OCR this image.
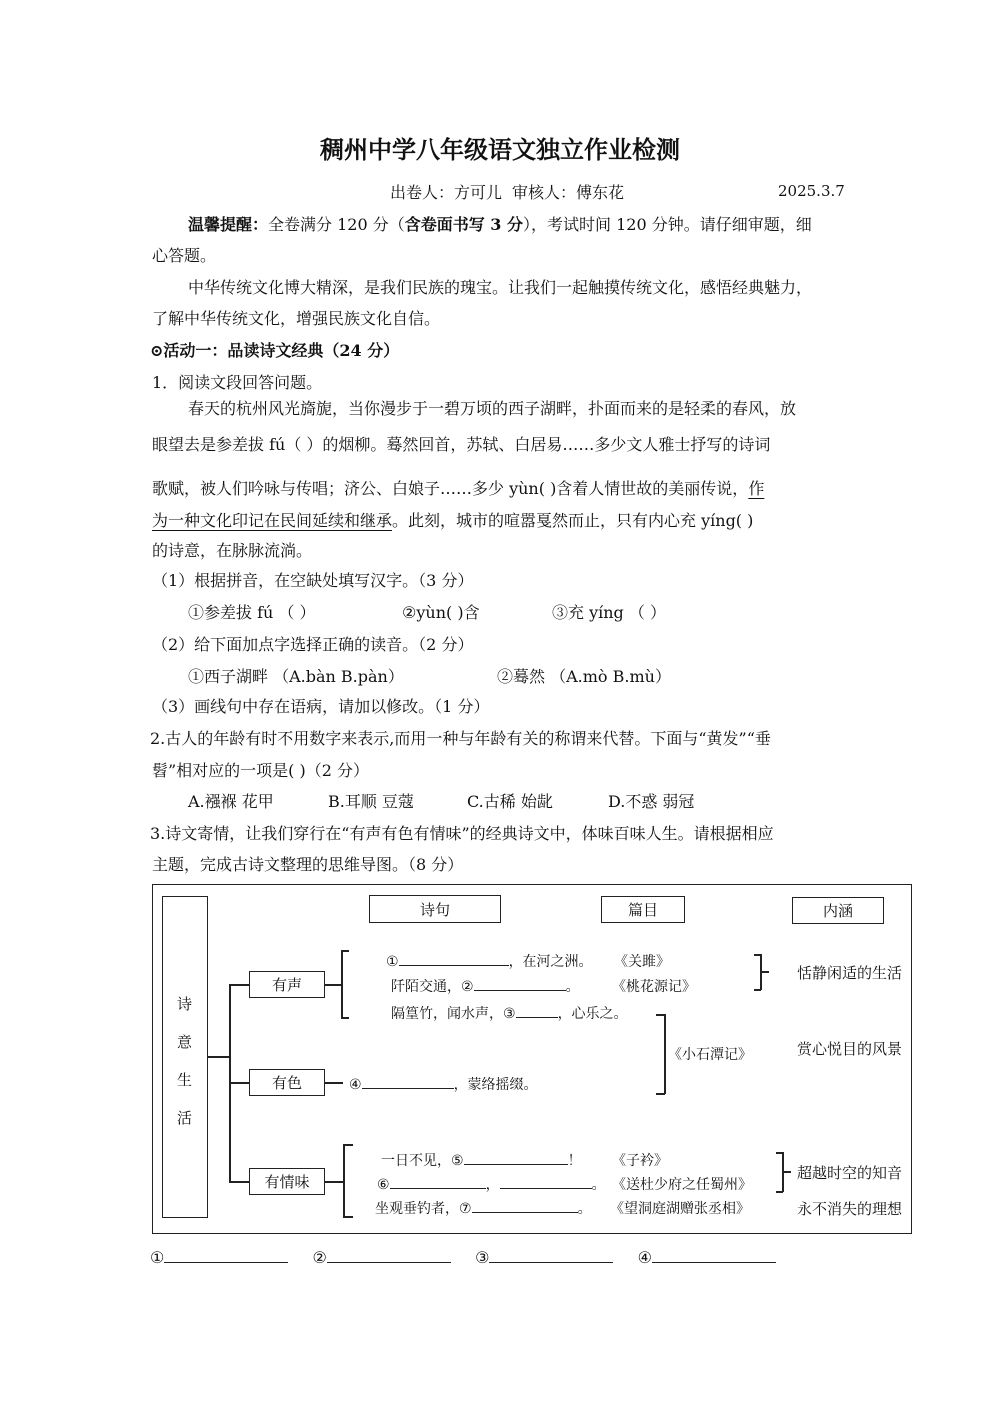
稠州中学八年级语文独立作业检测
出卷人：方可儿 审核人：傅东花	2025.3.7
温馨提醒：全卷满分 120 分（含卷面书写 3 分），考试时间 120 分钟。请仔细审题，细
心答题。
中华传统文化博大精深，是我们民族的瑰宝。让我们一起触摸传统文化，感悟经典魅力，
了解中华传统文化，增强民族文化自信。
⊙活动一：品读诗文经典（24 分）
1．阅读文段回答问题。
春天的杭州风光旖旎，当你漫步于一碧万顷的西子湖畔，扑面而来的是轻柔的春风，放
眼望去是参差拔 fú（ ）的烟柳。蓦然回首，苏轼、白居易……多少文人雅士抒写的诗词
歌赋，被人们吟咏与传唱；济公、白娘子……多少 yùn( )含着人情世故的美丽传说，作
为一种文化印记在民间延续和继承。此刻，城市的喧嚣戛然而止，只有内心充 yíng( )
的诗意，在脉脉流淌。
（1）根据拼音，在空缺处填写汉字。（3 分）
①参差拔 fú （ ）	②yùn( )含	③充 yíng （ ）
（2）给下面加点字选择正确的读音。（2 分）
①西子湖畔 （A.bàn B.pàn）	②蓦然 （A.mò B.mù）
（3）画线句中存在语病，请加以修改。（1 分）
2.古人的年龄有时不用数字来表示,而用一种与年龄有关的称谓来代替。下面与“黄发”“垂
髫”相对应的一项是( )（2 分）
A.襁褓 花甲	B.耳顺 豆蔻	C.古稀 始龀	D.不惑 弱冠
3.诗文寄情，让我们穿行在“有声有色有情味”的经典诗文中，体味百味人生。请根据相应
主题，完成古诗文整理的思维导图。（8 分）
诗
意
生
活
诗句	篇目	内涵
有声
有色
有情味
①	，在河之洲。
阡陌交通，②	。
隔篁竹，闻水声，③	，心乐之。
《关雎》
《桃花源记》
恬静闲适的生活
《小石潭记》	赏心悦目的风景
④	，蒙络摇缀。
一日不见，⑤	！
⑥	，	。
坐观垂钓者，⑦	。
《子衿》
《送杜少府之任蜀州》
《望洞庭湖赠张丞相》
超越时空的知音
永不消失的理想
①	②	③	④
